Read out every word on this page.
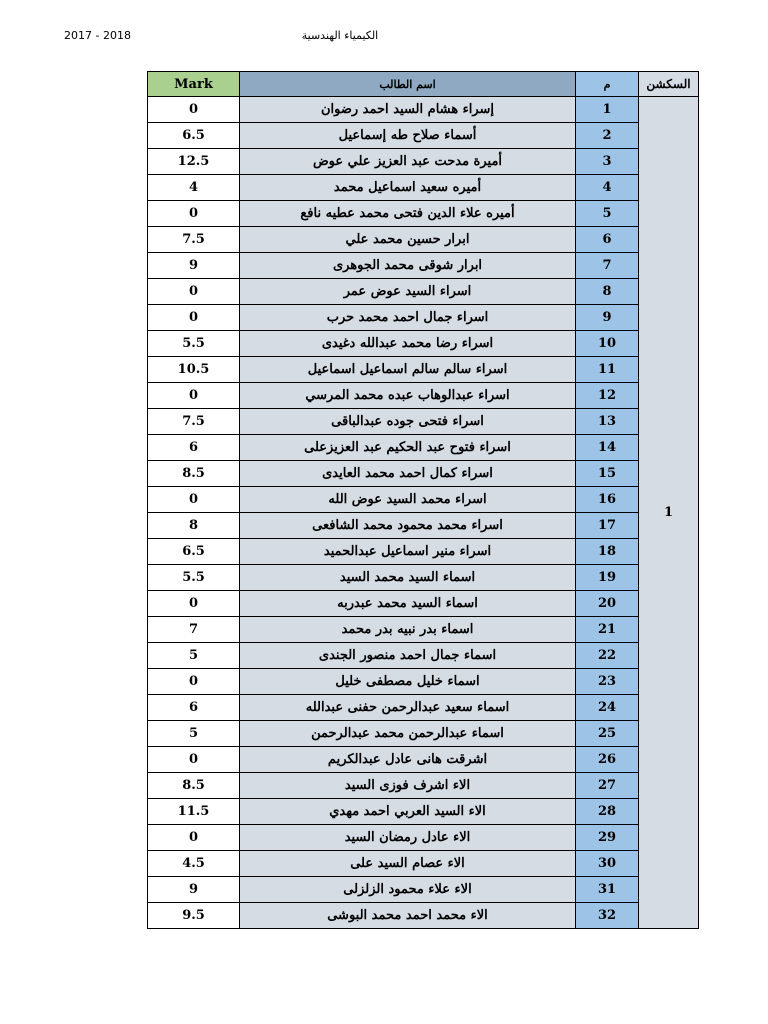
2017 - 2018	الكيمياء الهندسية
Mark	اسم الطالب	م	السكشن
0	إسراء هشام السيد احمد رضوان	1	1
6.5	أسماء صلاح طه إسماعيل	2	
12.5	أميرة مدحت عبد العزيز علي عوض	3	
4	أميره سعيد اسماعيل محمد	4	
0	أميره علاء الدين فتحى محمد عطيه نافع	5	
7.5	ابرار حسين محمد علي	6	
9	ابرار شوقى محمد الجوهرى	7	
0	اسراء السيد عوض عمر	8	
0	اسراء جمال احمد محمد حرب	9	
5.5	اسراء رضا محمد عبدالله دغيدى	10	
10.5	اسراء سالم سالم اسماعيل اسماعيل	11	
0	اسراء عبدالوهاب عبده محمد المرسي	12	
7.5	اسراء فتحى جوده عبدالباقى	13	
6	اسراء فتوح عبد الحكيم عبد العزيزعلى	14	
8.5	اسراء كمال احمد محمد العايدى	15	
0	اسراء محمد السيد عوض الله	16	
8	اسراء محمد محمود محمد الشافعى	17	
6.5	اسراء منير اسماعيل عبدالحميد	18	
5.5	اسماء السيد محمد السيد	19	
0	اسماء السيد محمد عبدربه	20	
7	اسماء بدر نبيه بدر محمد	21	
5	اسماء جمال احمد منصور الجندى	22	
0	اسماء خليل مصطفى خليل	23	
6	اسماء سعيد عبدالرحمن حفنى عبدالله	24	
5	اسماء عبدالرحمن محمد عبدالرحمن	25	
0	اشرقت هانى عادل عبدالكريم	26	
8.5	الاء اشرف فوزى السيد	27	
11.5	الاء السيد العربي احمد مهدي	28	
0	الاء عادل رمضان السيد	29	
4.5	الاء عصام السيد على	30	
9	الاء علاء محمود الزلزلى	31	
9.5	الاء محمد احمد محمد البوشى	32	
